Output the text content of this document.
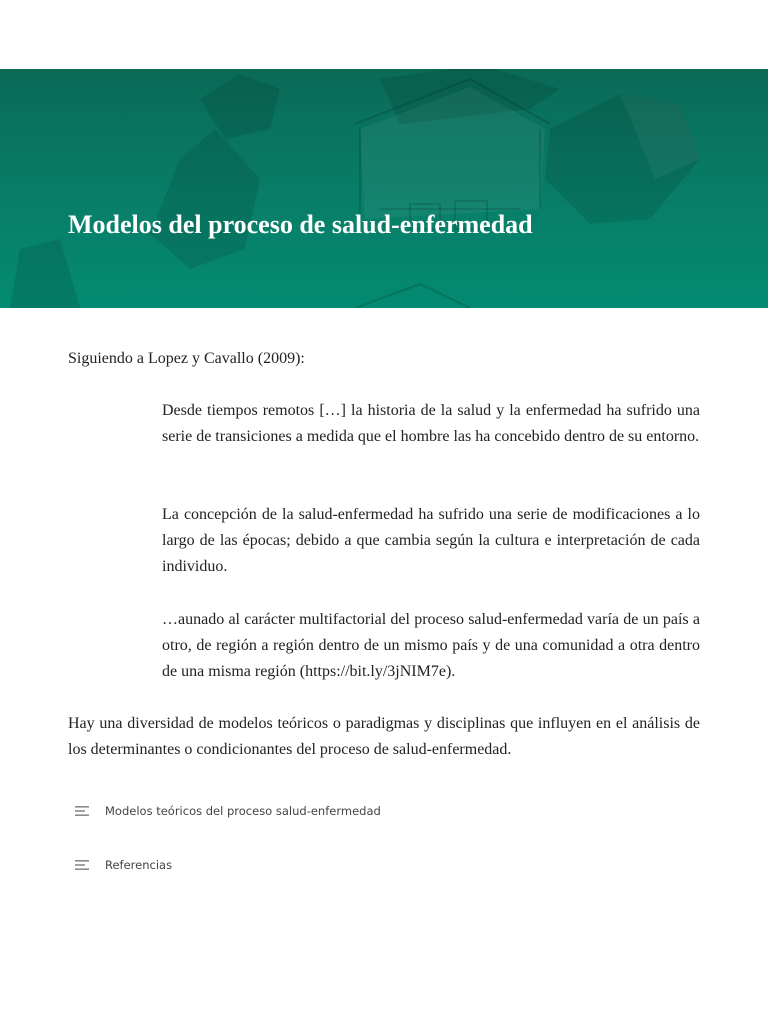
Modelos del proceso de salud-enfermedad

Siguiendo a Lopez y Cavallo (2009):

Desde tiempos remotos […] la historia de la salud y la enfermedad ha sufrido una serie de transiciones a medida que el hombre las ha concebido dentro de su entorno.

La concepción de la salud-enfermedad ha sufrido una serie de modificaciones a lo largo de las épocas; debido a que cambia según la cultura e interpretación de cada individuo.

…aunado al carácter multifactorial del proceso salud-enfermedad varía de un país a otro, de región a región dentro de un mismo país y de una comunidad a otra dentro de una misma región (https://bit.ly/3jNIM7e).

Hay una diversidad de modelos teóricos o paradigmas y disciplinas que influyen en el análisis de los determinantes o condicionantes del proceso de salud-enfermedad.

Modelos teóricos del proceso salud-enfermedad
Referencias
